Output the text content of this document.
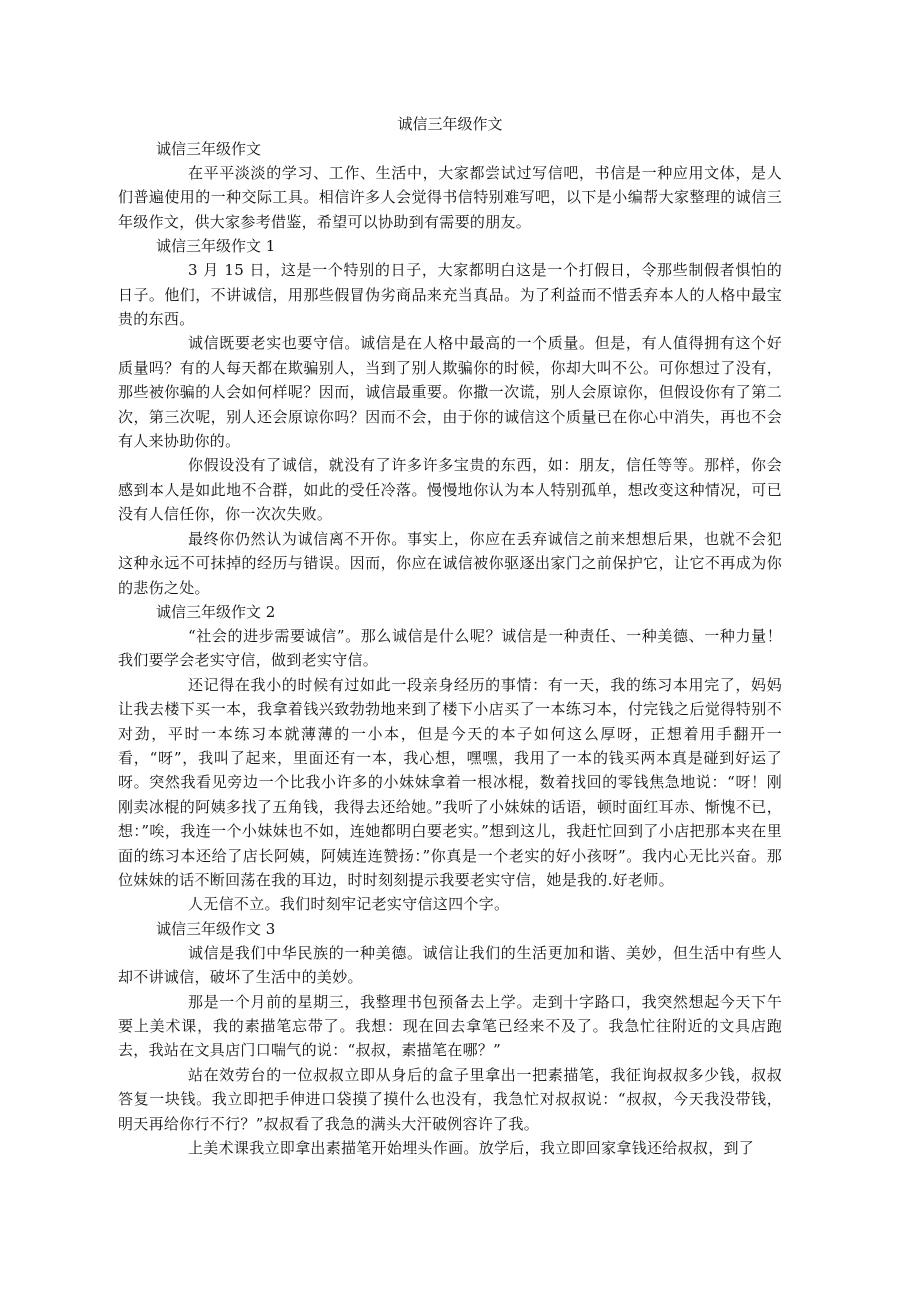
诚信三年级作文

诚信三年级作文

在平平淡淡的学习、工作、生活中，大家都尝试过写信吧，书信是一种应用文体，是人们普遍使用的一种交际工具。相信许多人会觉得书信特别难写吧，以下是小编帮大家整理的诚信三年级作文，供大家参考借鉴，希望可以协助到有需要的朋友。

诚信三年级作文 1

3 月 15 日，这是一个特别的日子，大家都明白这是一个打假日，令那些制假者惧怕的日子。他们，不讲诚信，用那些假冒伪劣商品来充当真品。为了利益而不惜丢弃本人的人格中最宝贵的东西。

诚信既要老实也要守信。诚信是在人格中最高的一个质量。但是，有人值得拥有这个好质量吗？有的人每天都在欺骗别人，当到了别人欺骗你的时候，你却大叫不公。可你想过了没有，那些被你骗的人会如何样呢？因而，诚信最重要。你撒一次谎，别人会原谅你，但假设你有了第二次，第三次呢，别人还会原谅你吗？因而不会，由于你的诚信这个质量已在你心中消失，再也不会有人来协助你的。

你假设没有了诚信，就没有了许多许多宝贵的东西，如：朋友，信任等等。那样，你会感到本人是如此地不合群，如此的受任冷落。慢慢地你认为本人特别孤单，想改变这种情况，可已没有人信任你，你一次次失败。

最终你仍然认为诚信离不开你。事实上，你应在丢弃诚信之前来想想后果，也就不会犯这种永远不可抹掉的经历与错误。因而，你应在诚信被你驱逐出家门之前保护它，让它不再成为你的悲伤之处。

诚信三年级作文 2

“社会的进步需要诚信”。那么诚信是什么呢？诚信是一种责任、一种美德、一种力量！我们要学会老实守信，做到老实守信。

还记得在我小的时候有过如此一段亲身经历的事情：有一天，我的练习本用完了，妈妈让我去楼下买一本，我拿着钱兴致勃勃地来到了楼下小店买了一本练习本，付完钱之后觉得特别不对劲，平时一本练习本就薄薄的一小本，但是今天的本子如何这么厚呀，正想着用手翻开一看，“呀”，我叫了起来，里面还有一本，我心想，嘿嘿，我用了一本的钱买两本真是碰到好运了呀。突然我看见旁边一个比我小许多的小妹妹拿着一根冰棍，数着找回的零钱焦急地说：“呀！刚刚卖冰棍的阿姨多找了五角钱，我得去还给她。”我听了小妹妹的话语，顿时面红耳赤、惭愧不已，想：”唉，我连一个小妹妹也不如，连她都明白要老实。”想到这儿，我赶忙回到了小店把那本夹在里面的练习本还给了店长阿姨，阿姨连连赞扬：”你真是一个老实的好小孩呀”。我内心无比兴奋。那位妹妹的话不断回荡在我的耳边，时时刻刻提示我要老实守信，她是我的.好老师。

人无信不立。我们时刻牢记老实守信这四个字。

诚信三年级作文 3

诚信是我们中华民族的一种美德。诚信让我们的生活更加和谐、美妙，但生活中有些人却不讲诚信，破坏了生活中的美妙。

那是一个月前的星期三，我整理书包预备去上学。走到十字路口，我突然想起今天下午要上美术课，我的素描笔忘带了。我想：现在回去拿笔已经来不及了。我急忙往附近的文具店跑去，我站在文具店门口喘气的说：“叔叔，素描笔在哪？”

站在效劳台的一位叔叔立即从身后的盒子里拿出一把素描笔，我征询叔叔多少钱，叔叔答复一块钱。我立即把手伸进口袋摸了摸什么也没有，我急忙对叔叔说：“叔叔，今天我没带钱，明天再给你行不行？”叔叔看了我急的满头大汗破例容许了我。

上美术课我立即拿出素描笔开始埋头作画。放学后，我立即回家拿钱还给叔叔，到了
